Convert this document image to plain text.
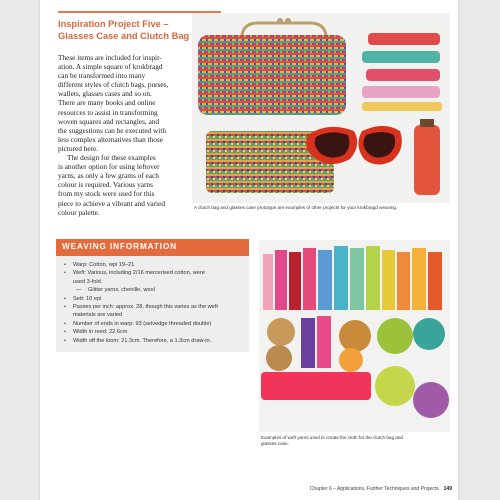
Inspiration Project Five –
Glasses Case and Clutch Bag
These items are included for inspir-
ation. A simple square of krokbragd
can be transformed into many
different styles of clutch bags, purses,
wallets, glasses cases and so on.
There are many books and online
resources to assist in transforming
woven squares and rectangles, and
the suggestions can be executed with
less complex alternatives than those
pictured here.
The design for these examples
is another option for using leftover
yarns, as only a few grams of each
colour is required. Various yarns
from my stock were used for this
piece to achieve a vibrant and varied
colour palette.
A clutch bag and glasses case prototype are examples of other projects for your krokbragd weaving.
WEAVING INFORMATION
• Warp: Cotton, wpi 19–21
• Weft: Various, including 2/16 mercerised cotton, were
used 3-fold.
— Glitter yarns, chenille, wool
• Sett: 10 epi
• Passes per inch: approx. 28, though this varies as the weft
materials are varied
• Number of ends in warp: 93 (selvedge threaded double)
• Width in reed: 22.6cm
• Width off the loom: 21.3cm. Therefore, a 1.3cm draw-in.
Examples of weft yarns used to create the cloth for the clutch bag and
glasses case.
Chapter 6 – Applications, Further Techniques and Projects 149
